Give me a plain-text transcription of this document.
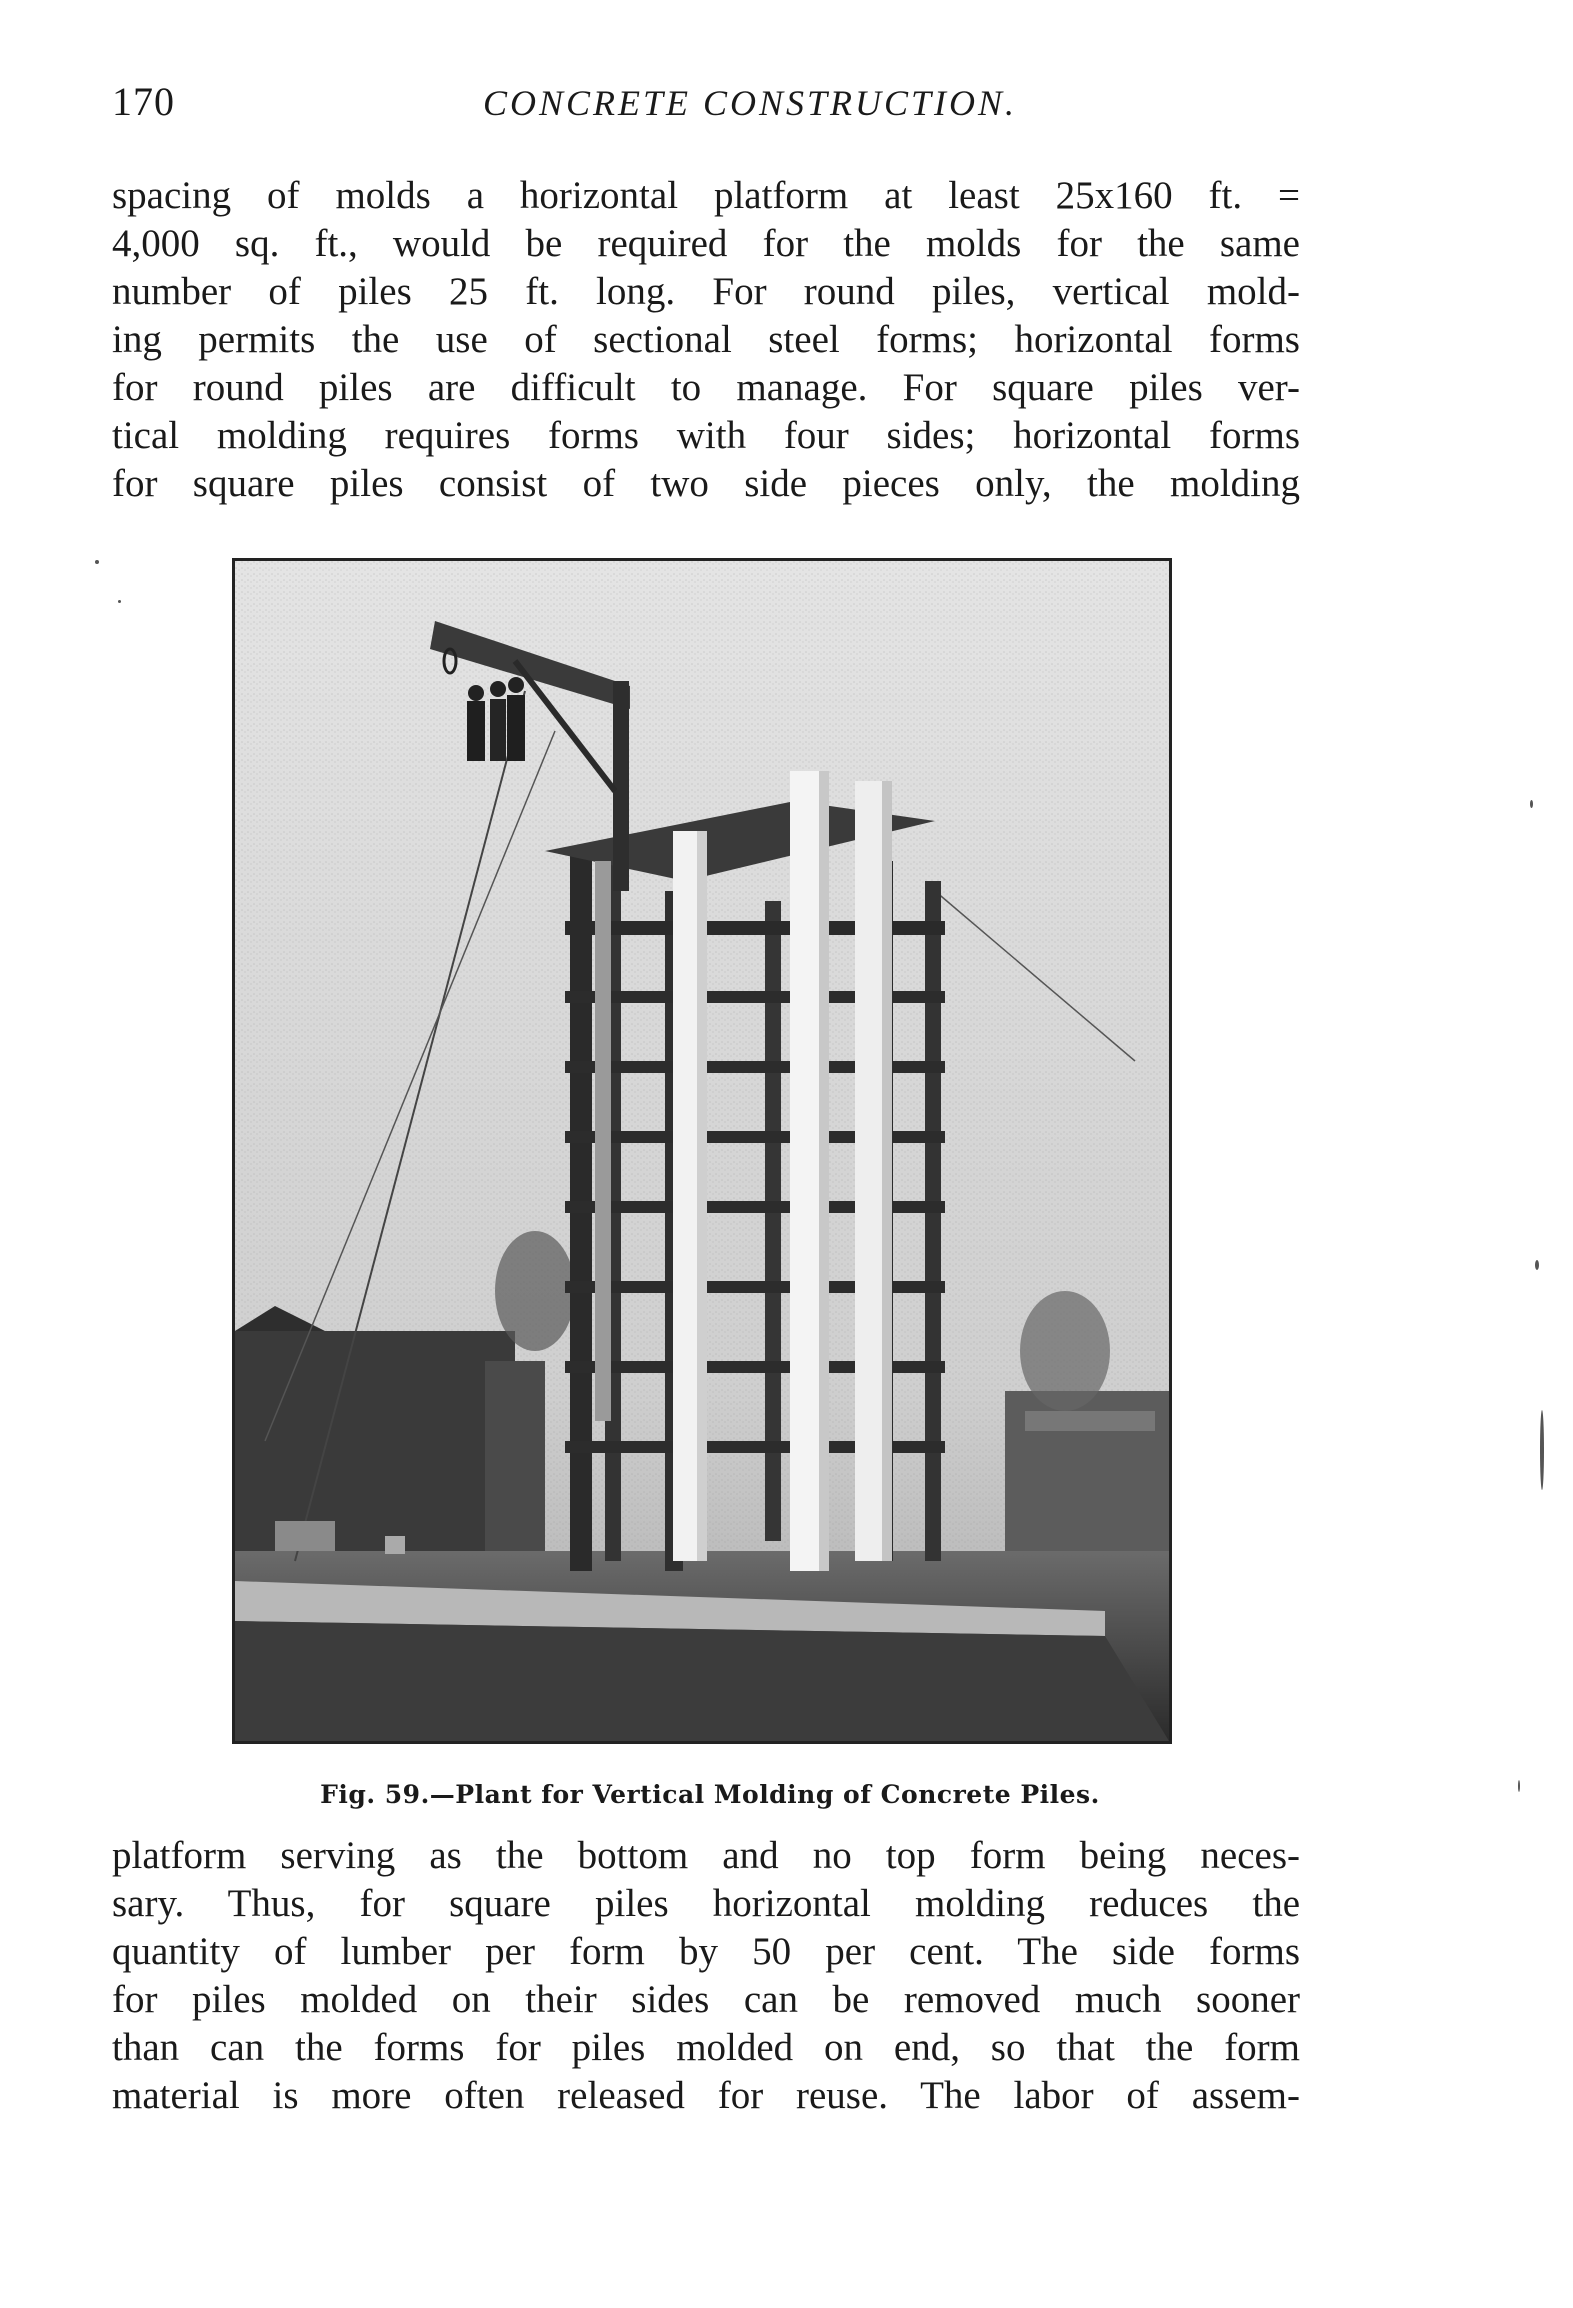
170	CONCRETE CONSTRUCTION.
spacing of molds a horizontal platform at least 25x160 ft. =
4,000 sq. ft., would be required for the molds for the same
number of piles 25 ft. long. For round piles, vertical mold-
ing permits the use of sectional steel forms; horizontal forms
for round piles are difficult to manage. For square piles ver-
tical molding requires forms with four sides; horizontal forms
for square piles consist of two side pieces only, the molding
Fig. 59.—Plant for Vertical Molding of Concrete Piles.
platform serving as the bottom and no top form being neces-
sary. Thus, for square piles horizontal molding reduces the
quantity of lumber per form by 50 per cent. The side forms
for piles molded on their sides can be removed much sooner
than can the forms for piles molded on end, so that the form
material is more often released for reuse. The labor of assem-
